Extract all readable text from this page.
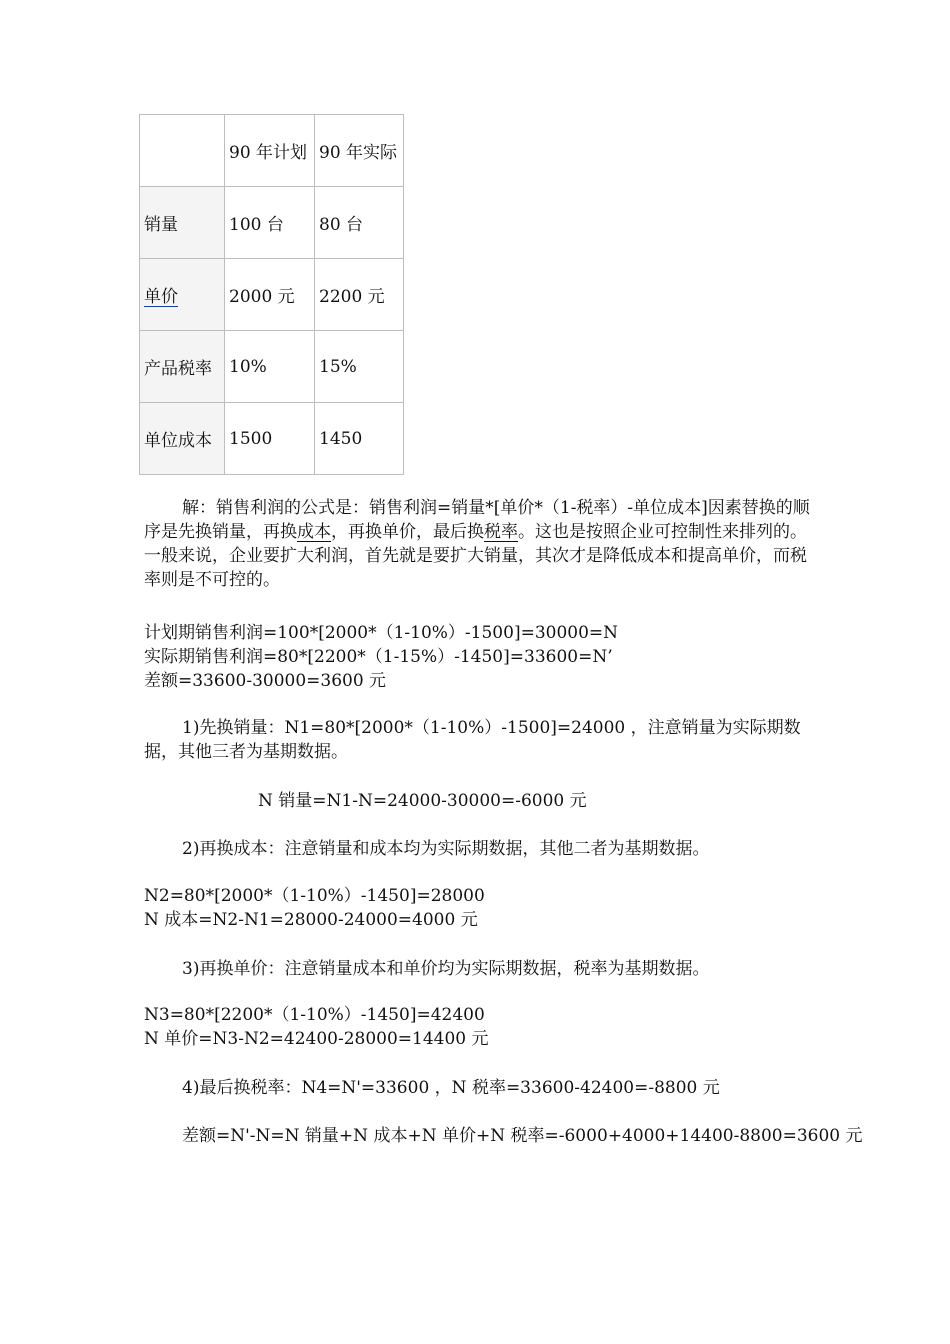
	90 年计划	90 年实际
销量	100 台	80 台
单价	2000 元	2200 元
产品税率	10%	15%
单位成本	1500	1450

解：销售利润的公式是：销售利润=销量*[单价*（1-税率）-单位成本]因素替换的顺序是先换销量，再换成本，再换单价，最后换税率。这也是按照企业可控制性来排列的。一般来说，企业要扩大利润，首先就是要扩大销量，其次才是降低成本和提高单价，而税率则是不可控的。

计划期销售利润=100*[2000*（1-10%）-1500]=30000=N
实际期销售利润=80*[2200*（1-15%）-1450]=33600=N’
差额=33600-30000=3600 元

1)先换销量：N1=80*[2000*（1-10%）-1500]=24000 ，注意销量为实际期数据，其他三者为基期数据。

N 销量=N1-N=24000-30000=-6000 元

2)再换成本：注意销量和成本均为实际期数据，其他二者为基期数据。

N2=80*[2000*（1-10%）-1450]=28000
N 成本=N2-N1=28000-24000=4000 元

3)再换单价：注意销量成本和单价均为实际期数据，税率为基期数据。

N3=80*[2200*（1-10%）-1450]=42400
N 单价=N3-N2=42400-28000=14400 元

4)最后换税率：N4=N'=33600 ，N 税率=33600-42400=-8800 元

差额=N'-N=N 销量+N 成本+N 单价+N 税率=-6000+4000+14400-8800=3600 元
